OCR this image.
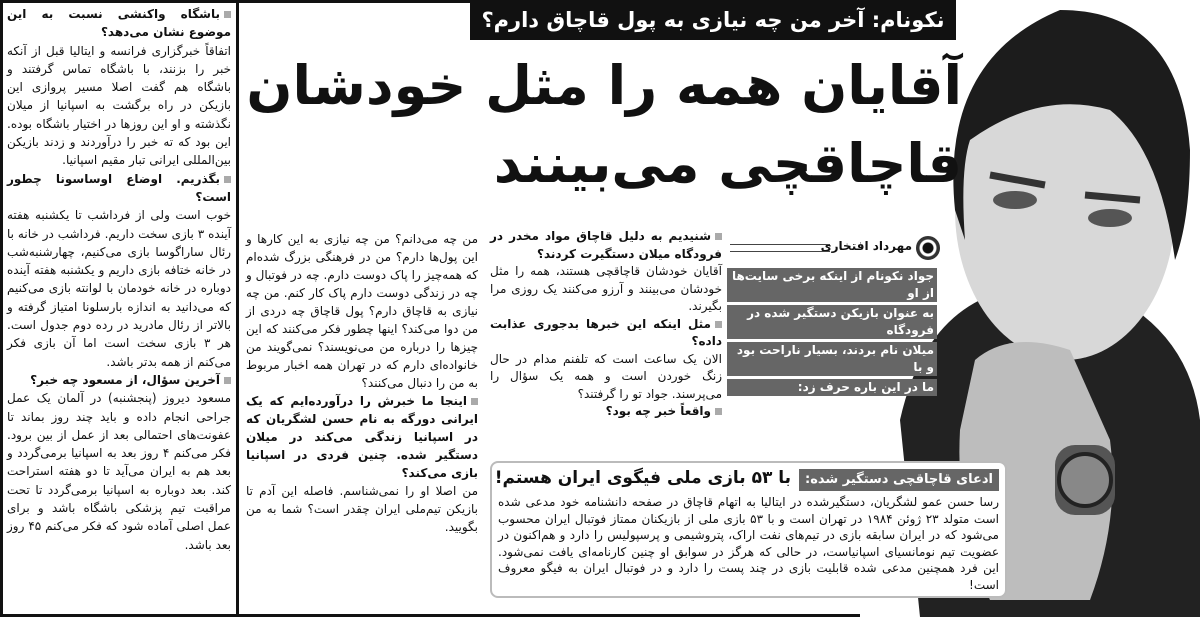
نکونام: آخر من چه نیازی به پول قاچاق دارم؟
آقایان همه را مثل خودشان
قاچاقچی می‌بینند
مهرداد افتخاری
جواد نکونام از اینکه برخی سایت‌ها از او
به عنوان بازیکن دستگیر شده در فرودگاه
میلان نام بردند، بسیار ناراحت بود و با
ما در این باره حرف زد:
باشگاه واکنشی نسبت به این موضوع نشان می‌دهد؟
اتفاقاً خبرگزاری فرانسه و ایتالیا قبل از آنکه خبر را بزنند، با باشگاه تماس گرفتند و باشگاه هم گفت اصلا مسیر پروازی این بازیکن در راه برگشت به اسپانیا از میلان نگذشته و او این روزها در اختیار باشگاه بوده. این بود که ته خبر را درآوردند و زدند بازیکن بین‌المللی ایرانی تبار مقیم اسپانیا.
بگذریم. اوضاع اوساسونا چطور است؟
خوب است ولی از فرداشب تا یکشنبه هفته آینده ۳ بازی سخت داریم. فرداشب در خانه با رئال ساراگوسا بازی می‌کنیم، چهارشنبه‌شب در خانه ختافه بازی داریم و یکشنبه هفته آینده دوباره در خانه خودمان با لوانته بازی می‌کنیم که می‌دانید به اندازه بارسلونا امتیاز گرفته و بالاتر از رئال مادرید در رده دوم جدول است. هر ۳ بازی سخت است اما آن بازی فکر می‌کنم از همه بدتر باشد.
آخرین سؤال، از مسعود چه خبر؟
مسعود دیروز (پنجشنبه) در آلمان یک عمل جراحی انجام داده و باید چند روز بماند تا عفونت‌های احتمالی بعد از عمل از بین برود. فکر می‌کنم ۴ روز بعد به اسپانیا برمی‌گردد و بعد هم به ایران می‌آید تا دو هفته استراحت کند. بعد دوباره به اسپانیا برمی‌گردد تا تحت مراقبت تیم پزشکی باشگاه باشد و برای عمل اصلی آماده شود که فکر می‌کنم ۴۵ روز بعد باشد.
من چه می‌دانم؟ من چه نیازی به این کارها و این پول‌ها دارم؟ من در فرهنگی بزرگ شده‌ام که همه‌چیز را پاک دوست دارم. چه در فوتبال و چه در زندگی دوست دارم پاک کار کنم. من چه نیازی به قاچاق دارم؟ پول قاچاق چه دردی از من دوا می‌کند؟ اینها چطور فکر می‌کنند که این چیزها را درباره من می‌نویسند؟ نمی‌گویند من خانواده‌ای دارم که در تهران همه اخبار مربوط به من را دنبال می‌کنند؟
اینجا ما خبرش را درآورده‌ایم که یک ایرانی دورگه به نام حسن لشگریان که در اسپانیا زندگی می‌کند در میلان دستگیر شده. چنین فردی در اسپانیا بازی می‌کند؟
من اصلا او را نمی‌شناسم. فاصله این آدم تا بازیکن تیم‌ملی ایران چقدر است؟ شما به من بگویید.
شنیدیم به دلیل قاچاق مواد مخدر در فرودگاه میلان دستگیرت کردند؟
آقایان خودشان قاچاقچی هستند، همه را مثل خودشان می‌بینند و آرزو می‌کنند یک روزی مرا بگیرند.
مثل اینکه این خبرها بدجوری عذابت داده؟
الان یک ساعت است که تلفنم مدام در حال زنگ خوردن است و همه یک سؤال را می‌پرسند. جواد تو را گرفتند؟
واقعاً خبر چه بود؟
ادعای قاچاقچی دستگیر شده:با ۵۳ بازی ملی فیگوی ایران هستم!
رسا حسن عمو لشگریان، دستگیرشده در ایتالیا به اتهام قاچاق در صفحه دانشنامه خود مدعی شده است متولد ۲۳ ژوئن ۱۹۸۴ در تهران است و با ۵۳ بازی ملی از بازیکنان ممتاز فوتبال ایران محسوب می‌شود که در ایران سابقه بازی در تیم‌های نفت اراک، پتروشیمی و پرسپولیس را دارد و هم‌اکنون در عضویت تیم نومانسیای اسپانیاست، در حالی که هرگز در سوابق او چنین کارنامه‌ای یافت نمی‌شود. این فرد همچنین مدعی شده قابلیت بازی در چند پست را دارد و در فوتبال ایران به فیگو معروف است!
